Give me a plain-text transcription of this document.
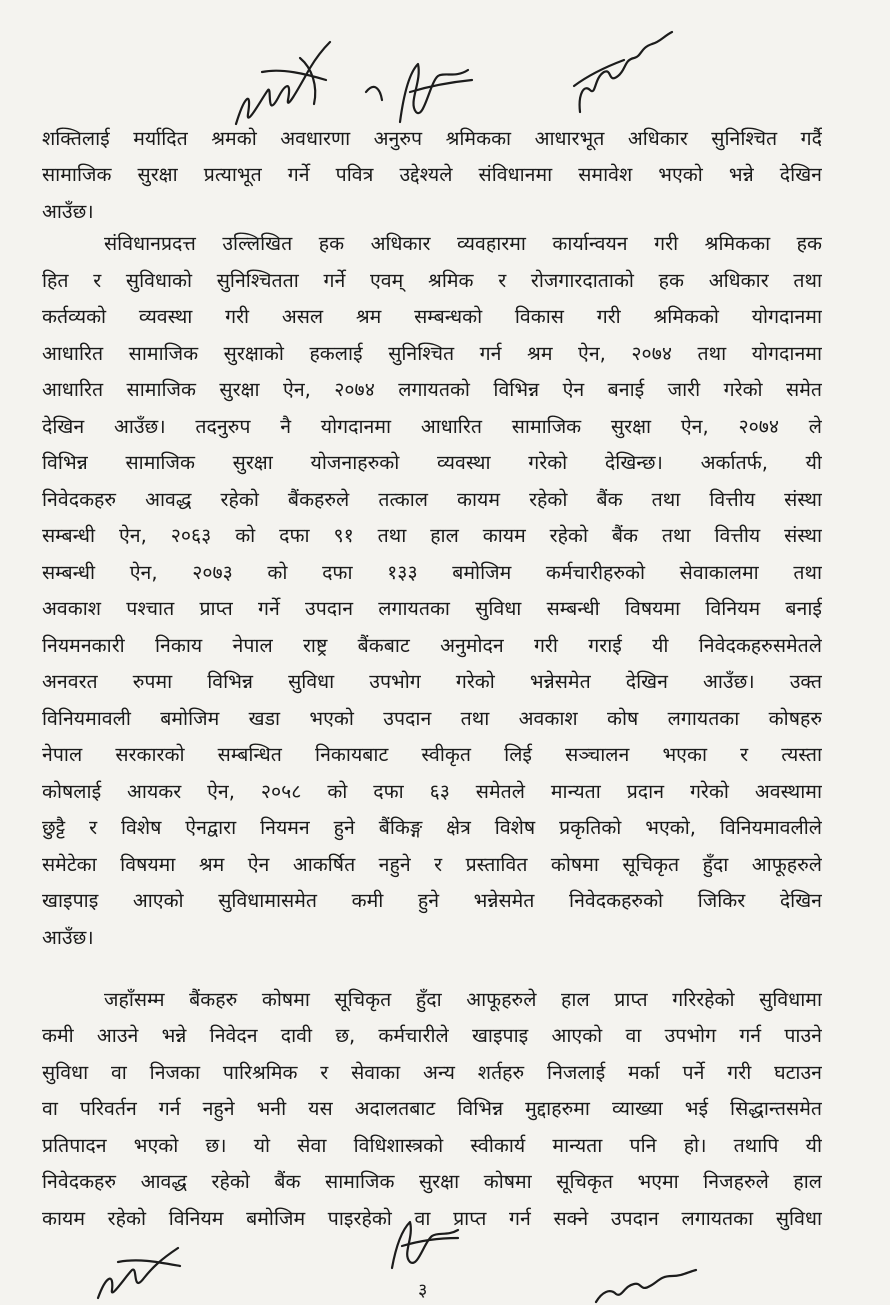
शक्तिलाई मर्यादित श्रमको अवधारणा अनुरुप श्रमिकका आधारभूत अधिकार सुनिश्चित गर्दै
सामाजिक सुरक्षा प्रत्याभूत गर्ने पवित्र उद्देश्यले संविधानमा समावेश भएको भन्ने देखिन
आउँछ।
संविधानप्रदत्त उल्लिखित हक अधिकार व्यवहारमा कार्यान्वयन गरी श्रमिकका हक
हित र सुविधाको सुनिश्चितता गर्ने एवम् श्रमिक र रोजगारदाताको हक अधिकार तथा
कर्तव्यको व्यवस्था गरी असल श्रम सम्बन्धको विकास गरी श्रमिकको योगदानमा
आधारित सामाजिक सुरक्षाको हकलाई सुनिश्चित गर्न श्रम ऐन, २०७४ तथा योगदानमा
आधारित सामाजिक सुरक्षा ऐन, २०७४ लगायतको विभिन्न ऐन बनाई जारी गरेको समेत
देखिन आउँछ। तदनुरुप नै योगदानमा आधारित सामाजिक सुरक्षा ऐन, २०७४ ले
विभिन्न सामाजिक सुरक्षा योजनाहरुको व्यवस्था गरेको देखिन्छ। अर्कातर्फ, यी
निवेदकहरु आवद्ध रहेको बैंकहरुले तत्काल कायम रहेको बैंक तथा वित्तीय संस्था
सम्बन्धी ऐन, २०६३ को दफा ९१ तथा हाल कायम रहेको बैंक तथा वित्तीय संस्था
सम्बन्धी ऐन, २०७३ को दफा १३३ बमोजिम कर्मचारीहरुको सेवाकालमा तथा
अवकाश पश्चात प्राप्त गर्ने उपदान लगायतका सुविधा सम्बन्धी विषयमा विनियम बनाई
नियमनकारी निकाय नेपाल राष्ट्र बैंकबाट अनुमोदन गरी गराई यी निवेदकहरुसमेतले
अनवरत रुपमा विभिन्न सुविधा उपभोग गरेको भन्नेसमेत देखिन आउँछ। उक्त
विनियमावली बमोजिम खडा भएको उपदान तथा अवकाश कोष लगायतका कोषहरु
नेपाल सरकारको सम्बन्धित निकायबाट स्वीकृत लिई सञ्चालन भएका र त्यस्ता
कोषलाई आयकर ऐन, २०५८ को दफा ६३ समेतले मान्यता प्रदान गरेको अवस्थामा
छुट्टै र विशेष ऐनद्वारा नियमन हुने बैंकिङ्ग क्षेत्र विशेष प्रकृतिको भएको, विनियमावलीले
समेटेका विषयमा श्रम ऐन आकर्षित नहुने र प्रस्तावित कोषमा सूचिकृत हुँदा आफूहरुले
खाइपाइ आएको सुविधामासमेत कमी हुने भन्नेसमेत निवेदकहरुको जिकिर देखिन
आउँछ।
जहाँसम्म बैंकहरु कोषमा सूचिकृत हुँदा आफूहरुले हाल प्राप्त गरिरहेको सुविधामा
कमी आउने भन्ने निवेदन दावी छ, कर्मचारीले खाइपाइ आएको वा उपभोग गर्न पाउने
सुविधा वा निजका पारिश्रमिक र सेवाका अन्य शर्तहरु निजलाई मर्का पर्ने गरी घटाउन
वा परिवर्तन गर्न नहुने भनी यस अदालतबाट विभिन्न मुद्दाहरुमा व्याख्या भई सिद्धान्तसमेत
प्रतिपादन भएको छ। यो सेवा विधिशास्त्रको स्वीकार्य मान्यता पनि हो। तथापि यी
निवेदकहरु आवद्ध रहेको बैंक सामाजिक सुरक्षा कोषमा सूचिकृत भएमा निजहरुले हाल
कायम रहेको विनियम बमोजिम पाइरहेको वा प्राप्त गर्न सक्ने उपदान लगायतका सुविधा
३
